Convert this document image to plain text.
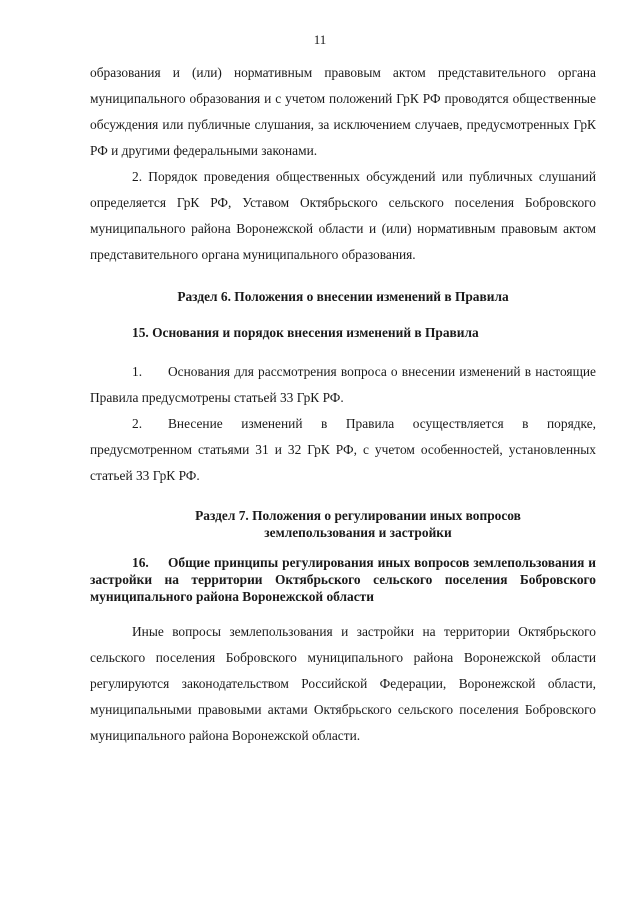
11

образования и (или) нормативным правовым актом представительного органа муниципального образования и с учетом положений ГрК РФ проводятся общественные обсуждения или публичные слушания, за исключением случаев, предусмотренных ГрК РФ и другими федеральными законами.

2. Порядок проведения общественных обсуждений или публичных слушаний определяется ГрК РФ, Уставом Октябрьского сельского поселения Бобровского муниципального района Воронежской области и (или) нормативным правовым актом представительного органа муниципального образования.

Раздел 6. Положения о внесении изменений в Правила
15. Основания и порядок внесения изменений в Правила

1. Основания для рассмотрения вопроса о внесении изменений в настоящие Правила предусмотрены статьей 33 ГрК РФ.

2. Внесение изменений в Правила осуществляется в порядке, предусмотренном статьями 31 и 32 ГрК РФ, с учетом особенностей, установленных статьей 33 ГрК РФ.

Раздел 7. Положения о регулировании иных вопросов
землепользования и застройки
16. Общие принципы регулирования иных вопросов землепользования и застройки на территории Октябрьского сельского поселения Бобровского муниципального района Воронежской области

Иные вопросы землепользования и застройки на территории Октябрьского сельского поселения Бобровского муниципального района Воронежской области регулируются законодательством Российской Федерации, Воронежской области, муниципальными правовыми актами Октябрьского сельского поселения Бобровского муниципального района Воронежской области.
